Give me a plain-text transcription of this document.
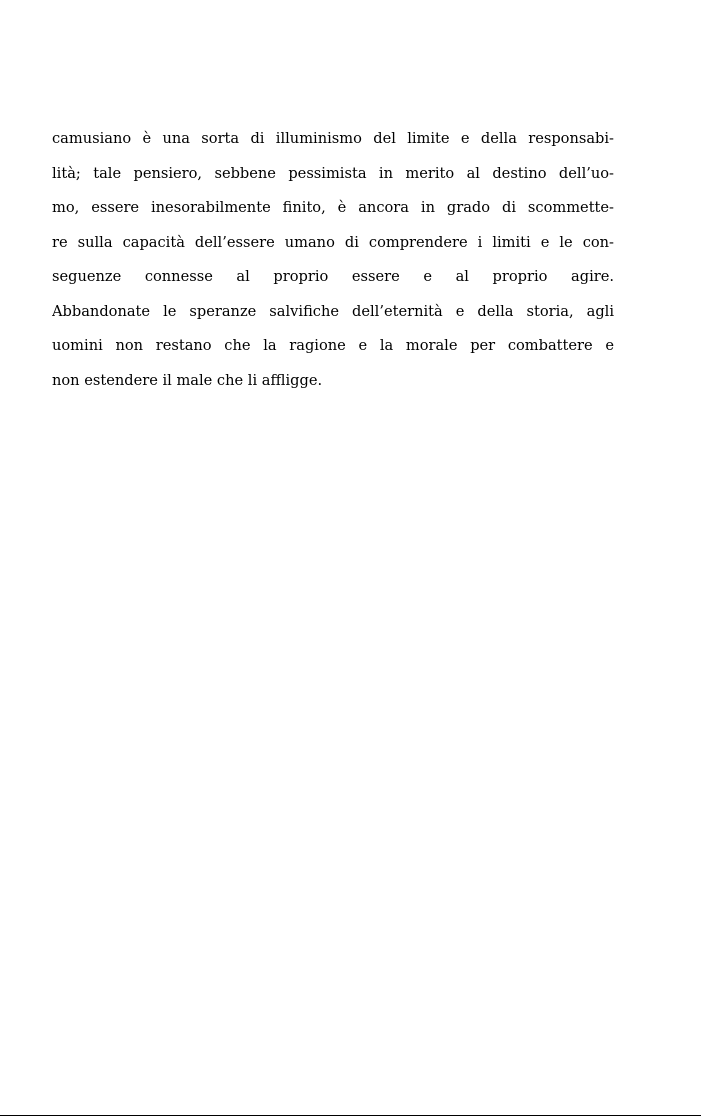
camusiano è una sorta di illuminismo del limite e della responsabi-
lità; tale pensiero, sebbene pessimista in merito al destino dell’uo-
mo, essere inesorabilmente finito, è ancora in grado di scommette-
re sulla capacità dell’essere umano di comprendere i limiti e le con-
seguenze connesse al proprio essere e al proprio agire.
Abbandonate le speranze salvifiche dell’eternità e della storia, agli
uomini non restano che la ragione e la morale per combattere e
non estendere il male che li affligge.
